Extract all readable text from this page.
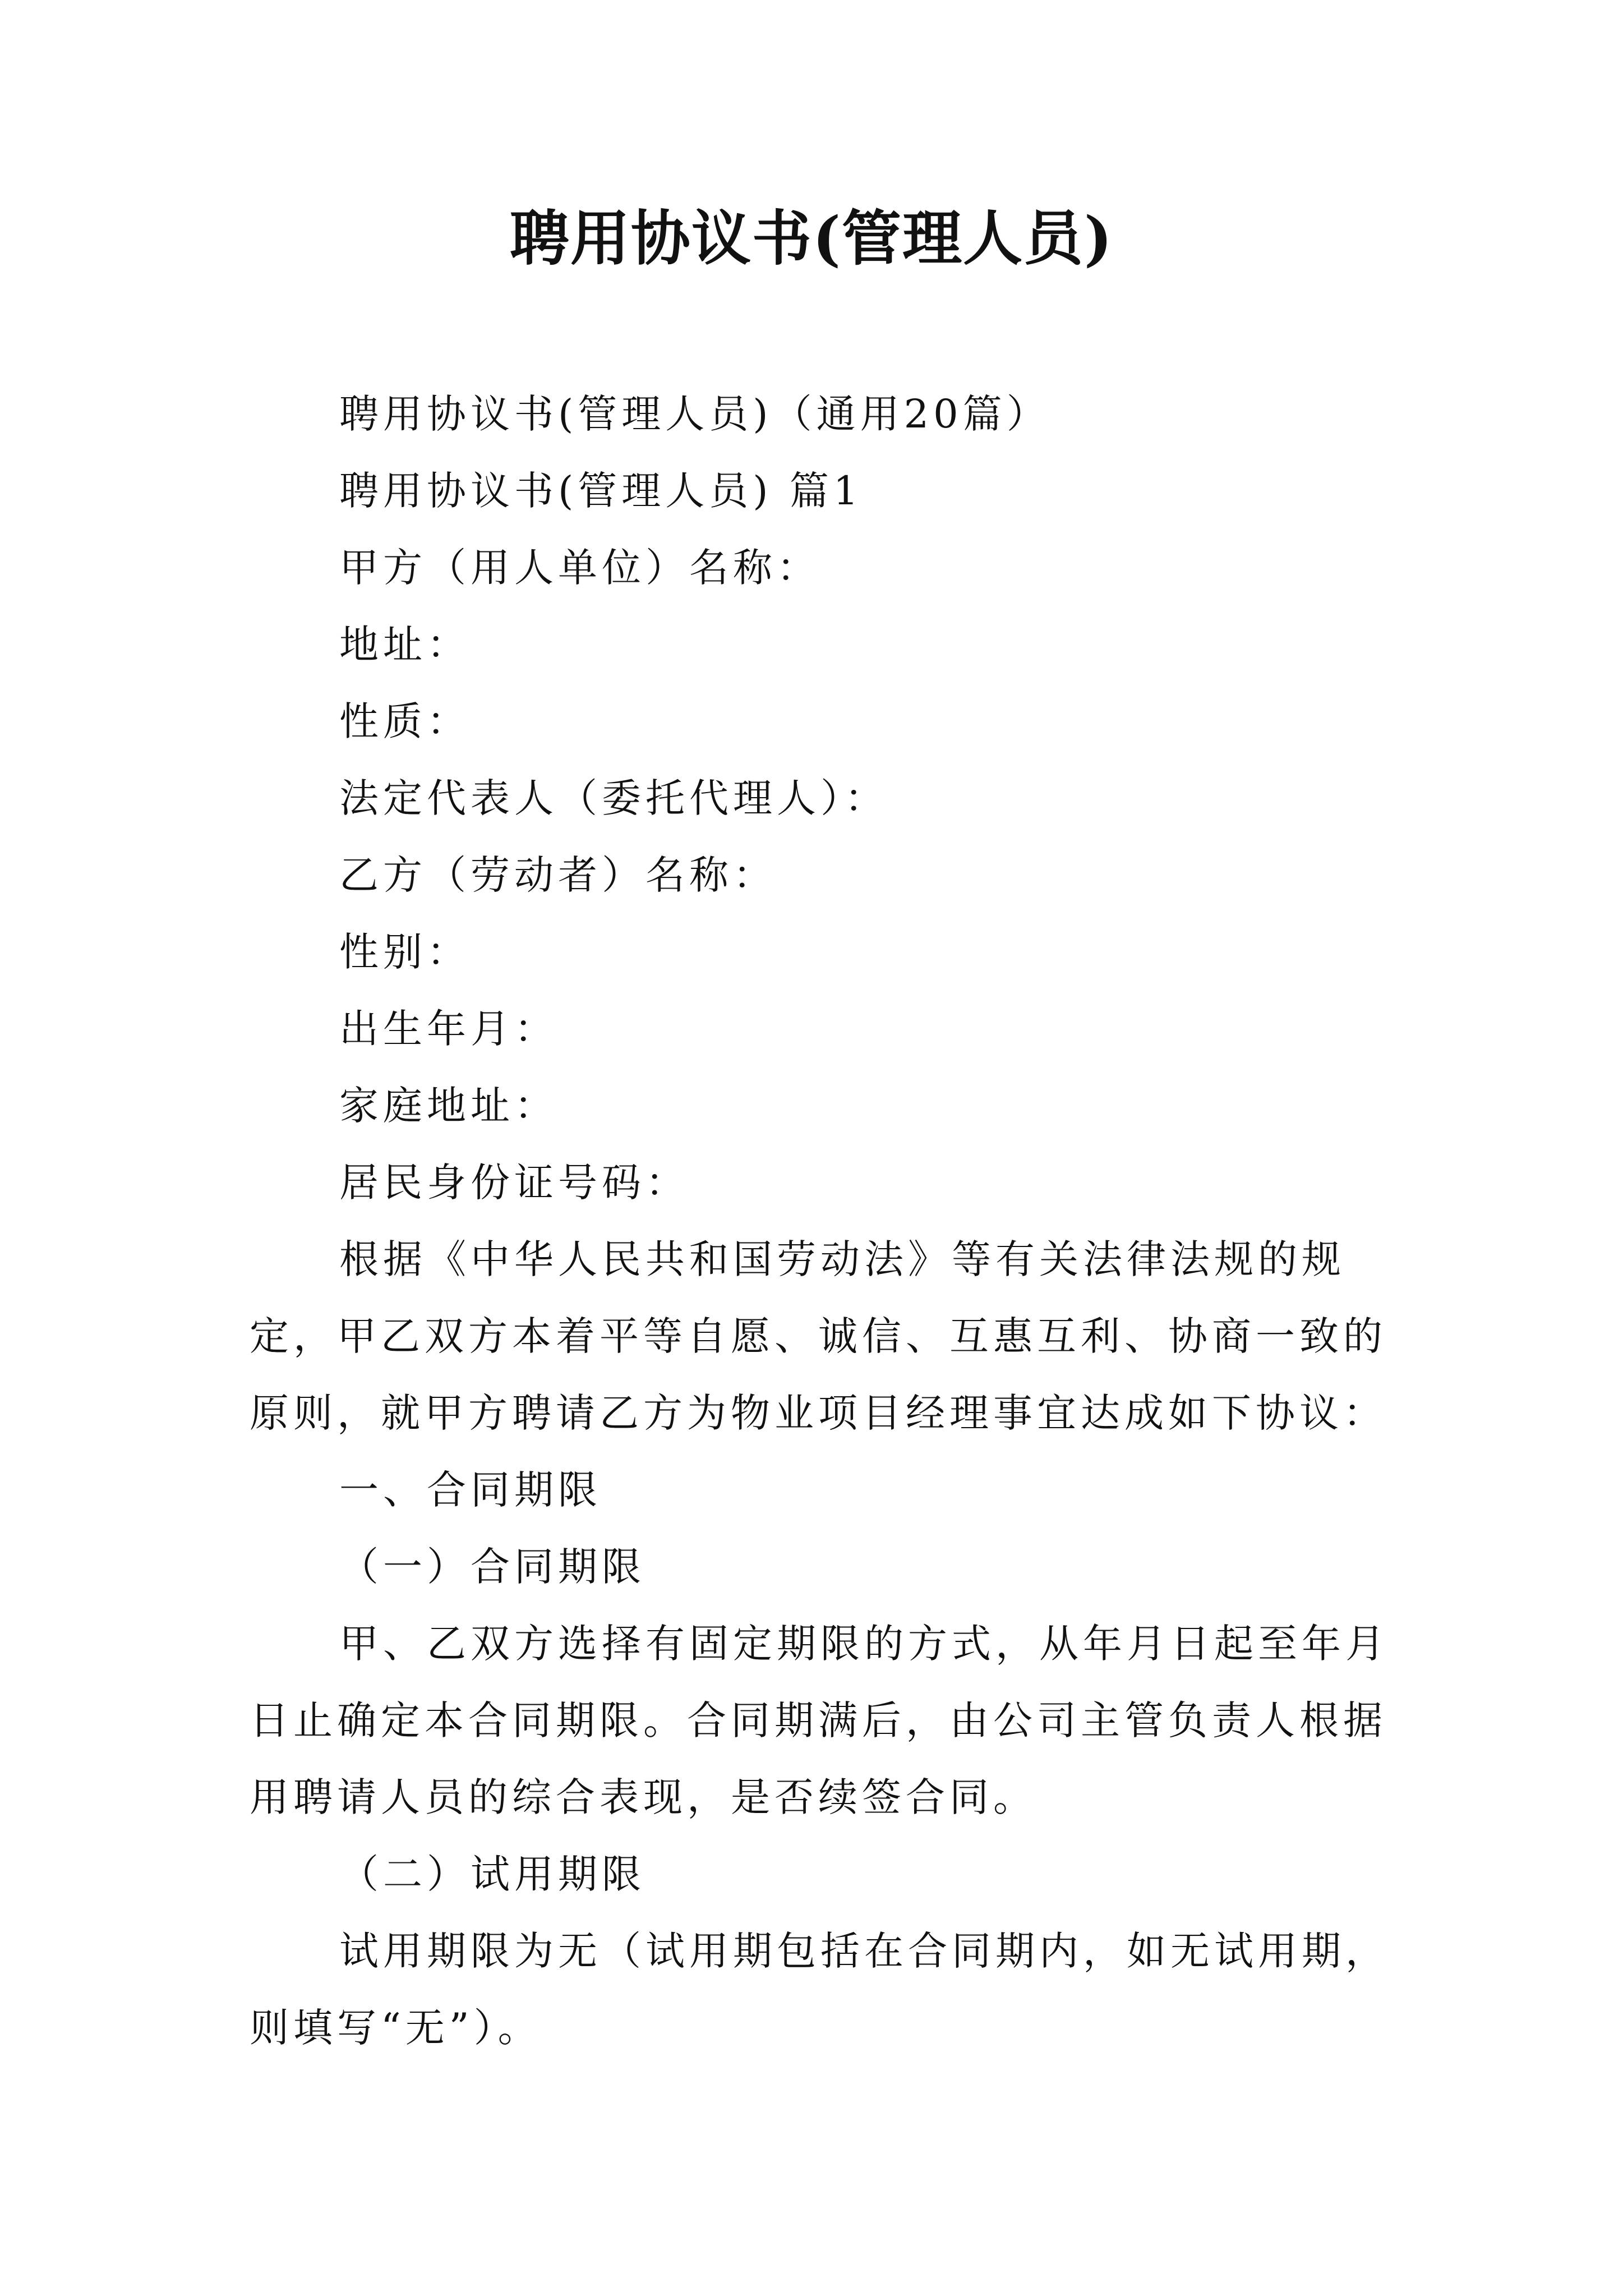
聘用协议书(管理人员)

聘用协议书(管理人员)（通用20篇）

聘用协议书(管理人员) 篇1

甲方（用人单位）名称：

地址：

性质：

法定代表人（委托代理人）：

乙方（劳动者）名称：

性别：

出生年月：

家庭地址：

居民身份证号码：

根据《中华人民共和国劳动法》等有关法律法规的规定，甲乙双方本着平等自愿、诚信、互惠互利、协商一致的原则，就甲方聘请乙方为物业项目经理事宜达成如下协议：

一、合同期限

（一）合同期限

甲、乙双方选择有固定期限的方式，从年月日起至年月日止确定本合同期限。合同期满后，由公司主管负责人根据用聘请人员的综合表现，是否续签合同。

（二）试用期限

试用期限为无（试用期包括在合同期内，如无试用期，则填写“无”）。
